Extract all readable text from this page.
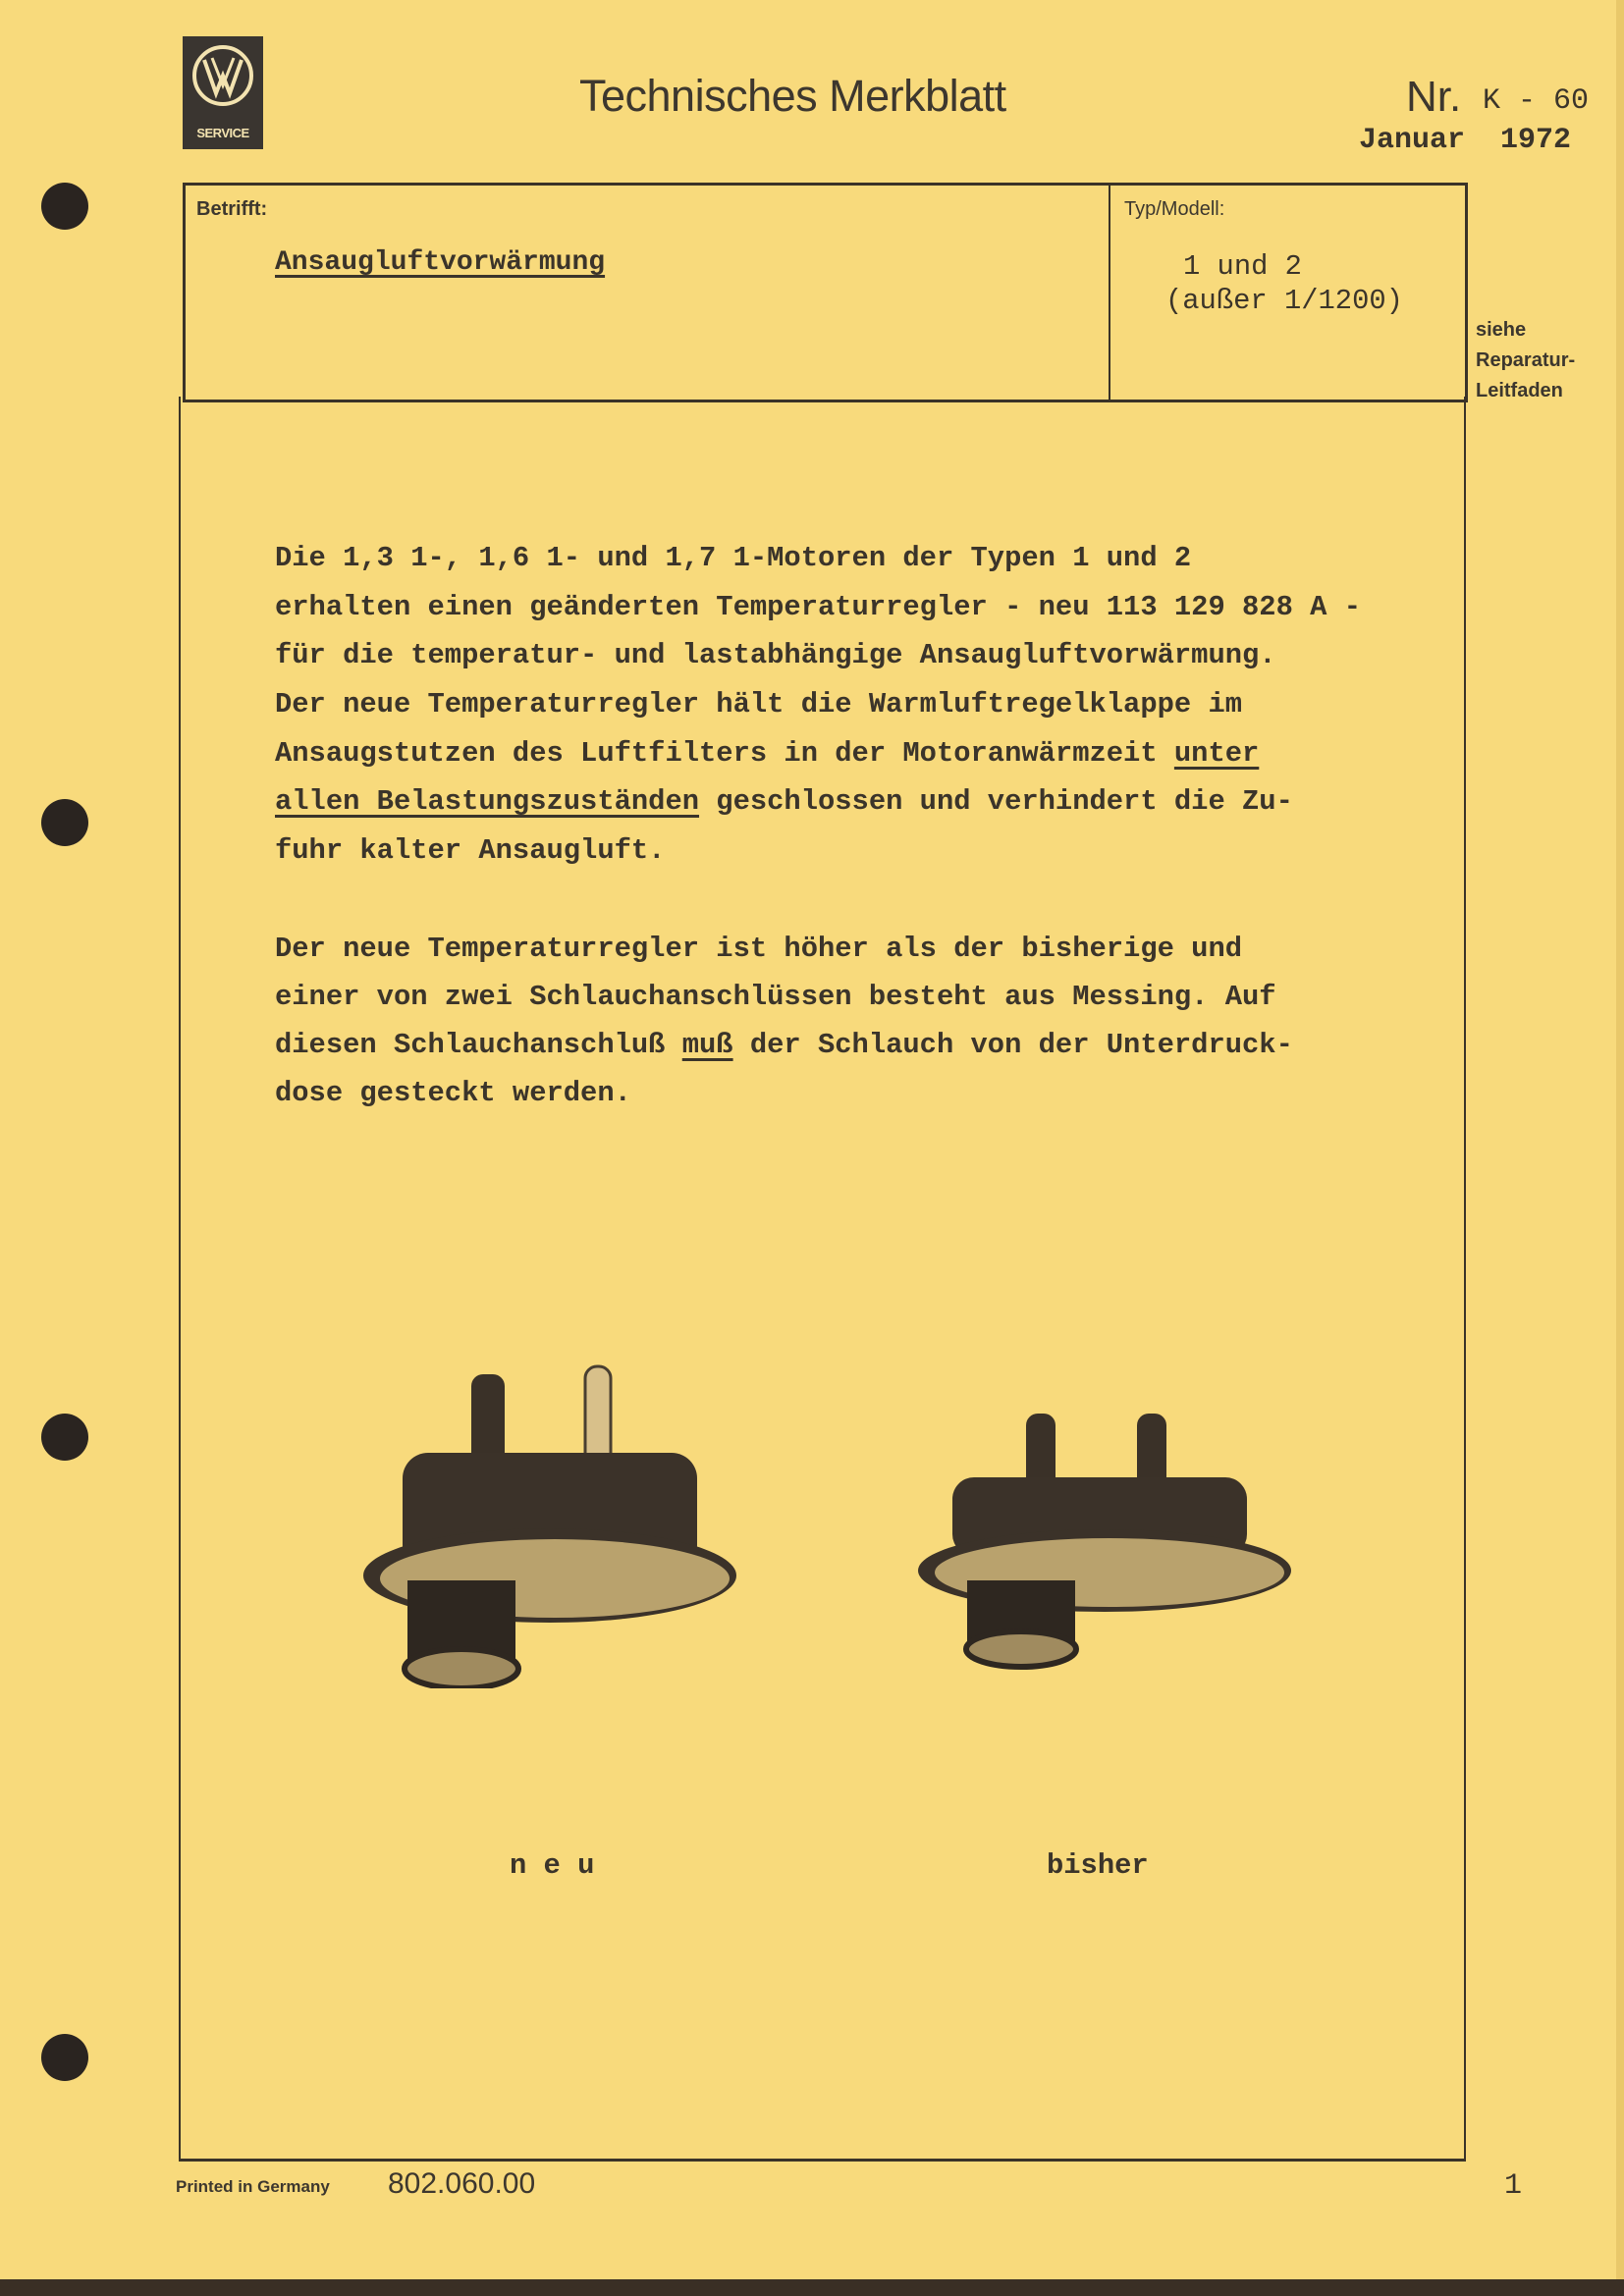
SERVICE
Technisches Merkblatt	Nr. K - 60
Januar  1972
Betrifft:
Ansaugluftvorwärmung
Typ/Modell:
1 und 2
(außer 1/1200)
siehe
Reparatur-
Leitfaden
Die 1,3 1-, 1,6 1- und 1,7 1-Motoren der Typen 1 und 2
erhalten einen geänderten Temperaturregler - neu 113 129 828 A -
für die temperatur- und lastabhängige Ansaugluftvorwärmung.
Der neue Temperaturregler hält die Warmluftregelklappe im
Ansaugstutzen des Luftfilters in der Motoranwärmzeit unter
allen Belastungszuständen geschlossen und verhindert die Zu-
fuhr kalter Ansaugluft.
Der neue Temperaturregler ist höher als der bisherige und
einer von zwei Schlauchanschlüssen besteht aus Messing. Auf
diesen Schlauchanschluß muß der Schlauch von der Unterdruck-
dose gesteckt werden.
n e u	bisher
Printed in Germany 802.060.00	1
